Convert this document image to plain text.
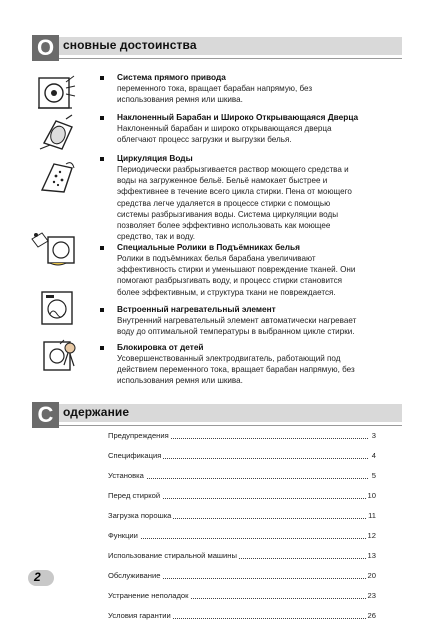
О сновные достоинства
Система прямого привода
переменного тока, вращает барабан напрямую, без
использования ремня или шкива.
Наклоненный Барабан и Широко Открывающаяся Дверца
Наклоненный барабан и широко открывающаяся дверца
облегчают процесс загрузки и выгрузки белья.
Циркуляция Воды
Периодически разбрызгивается раствор моющего средства и
воды на загруженное бельё. Бельё намокает быстрее и
эффективнее в течение всего цикла стирки. Пена от моющего
средства легче удаляется в процессе стирки с помощью
системы разбрызгивания воды. Система циркуляции воды
позволяет более эффективно использовать как моющее
средство, так и воду.
Специальные Ролики в Подъёмниках белья
Ролики в подъёмниках белья барабана увеличивают
эффективность стирки и уменьшают повреждение тканей. Они
помогают разбрызгивать воду, и процесс стирки становится
более эффективным, и структура ткани не повреждается.
Встроенный нагревательный элемент
Внутренний нагревательный элемент автоматически нагревает
воду до оптимальной температуры в выбранном цикле стирки.
Блокировка от детей
Усовершенствованный электродвигатель, работающий под
действием переменного тока, вращает барабан напрямую, без
использования ремня или шкива.
С одержание
Предупреждения	3
Спецификация	4
Установка	5
Перед стиркой	10
Загрузка порошка	11
Функции	12
Использование стиральной машины	13
Обслуживание	20
Устранение неполадок	23
Условия гарантии	26
2
